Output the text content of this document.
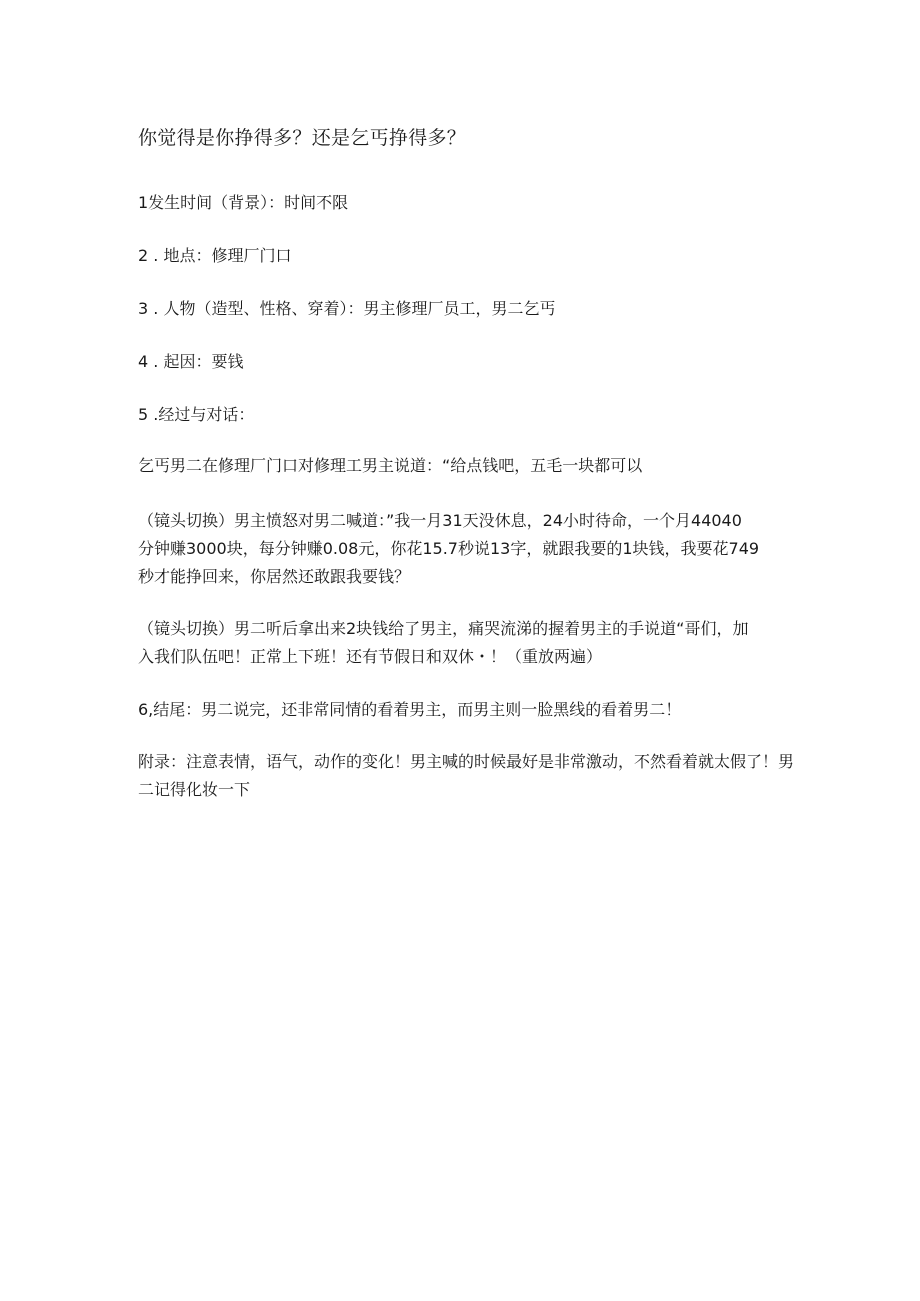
你觉得是你挣得多？还是乞丐挣得多？
1发生时间（背景）：时间不限
2 . 地点：修理厂门口
3 . 人物（造型、性格、穿着）：男主修理厂员工，男二乞丐
4 . 起因：要钱
5 .经过与对话：
乞丐男二在修理厂门口对修理工男主说道：“给点钱吧，五毛一块都可以
（镜头切换）男主愤怒对男二喊道：”我一月31天没休息，24小时待命，一个月44040
分钟赚3000块，每分钟赚0.08元，你花15.7秒说13字，就跟我要的1块钱，我要花749
秒才能挣回来，你居然还敢跟我要钱？
（镜头切换）男二听后拿出来2块钱给了男主，痛哭流涕的握着男主的手说道“哥们，加
入我们队伍吧！正常上下班！还有节假日和双休・！（重放两遍）
6,结尾：男二说完，还非常同情的看着男主，而男主则一脸黑线的看着男二！
附录：注意表情，语气，动作的变化！男主喊的时候最好是非常激动，不然看着就太假了！男
二记得化妆一下
